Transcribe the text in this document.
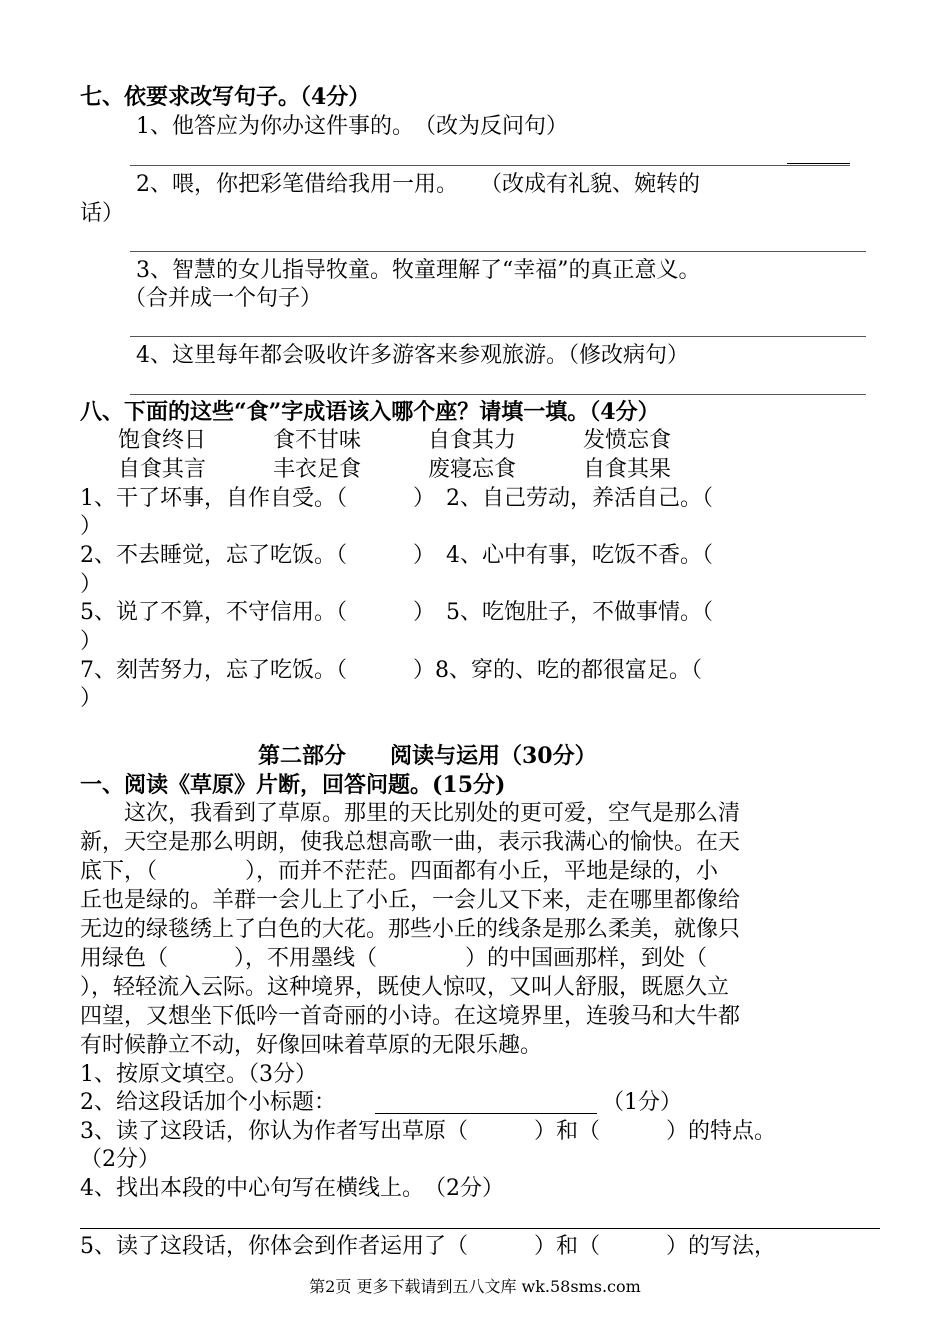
七、依要求改写句子。（4分）
1、他答应为你办这件事的。　（改为反问句）
2、喂，你把彩笔借给我用一用。　　（改成有礼貌、婉转的
话）
3、智慧的女儿指导牧童。牧童理解了“幸福”的真正意义。
（合并成一个句子）
4、这里每年都会吸收许多游客来参观旅游。（修改病句）
八、下面的这些“食”字成语该入哪个座？请填一填。（4分）
饱食终日	食不甘味	自食其力	发愤忘食
自食其言	丰衣足食	废寝忘食	自食其果
1、干了坏事，自作自受。（　　　）　2、自己劳动，养活自己。（
）
2、不去睡觉，忘了吃饭。（　　　）　4、心中有事，吃饭不香。（
）
5、说了不算，不守信用。（　　　）　5、吃饱肚子，不做事情。（
）
7、刻苦努力，忘了吃饭。（　　　）8、穿的、吃的都很富足。（
）
第二部分　　阅读与运用（30分）
一、阅读《草原》片断，回答问题。(15分)
　　这次，我看到了草原。那里的天比别处的更可爱，空气是那么清
新，天空是那么明朗，使我总想高歌一曲，表示我满心的愉快。在天
底下，（　　　　），而并不茫茫。四面都有小丘，平地是绿的，小
丘也是绿的。羊群一会儿上了小丘，一会儿又下来，走在哪里都像给
无边的绿毯绣上了白色的大花。那些小丘的线条是那么柔美，就像只
用绿色（　　　），不用墨线（　　　　）的中国画那样，到处（
），轻轻流入云际。这种境界，既使人惊叹，又叫人舒服，既愿久立
四望，又想坐下低吟一首奇丽的小诗。在这境界里，连骏马和大牛都
有时候静立不动，好像回味着草原的无限乐趣。
1、按原文填空。（3分）
2、给这段话加个小标题：	（1分）
3、读了这段话，你认为作者写出草原（　　　）和（　　　）的特点。
（2分）
4、找出本段的中心句写在横线上。　（2分）
5、读了这段话，你体会到作者运用了（　　　）和（　　　）的写法，
第2页 更多下载请到五八文库 wk.58sms.com
